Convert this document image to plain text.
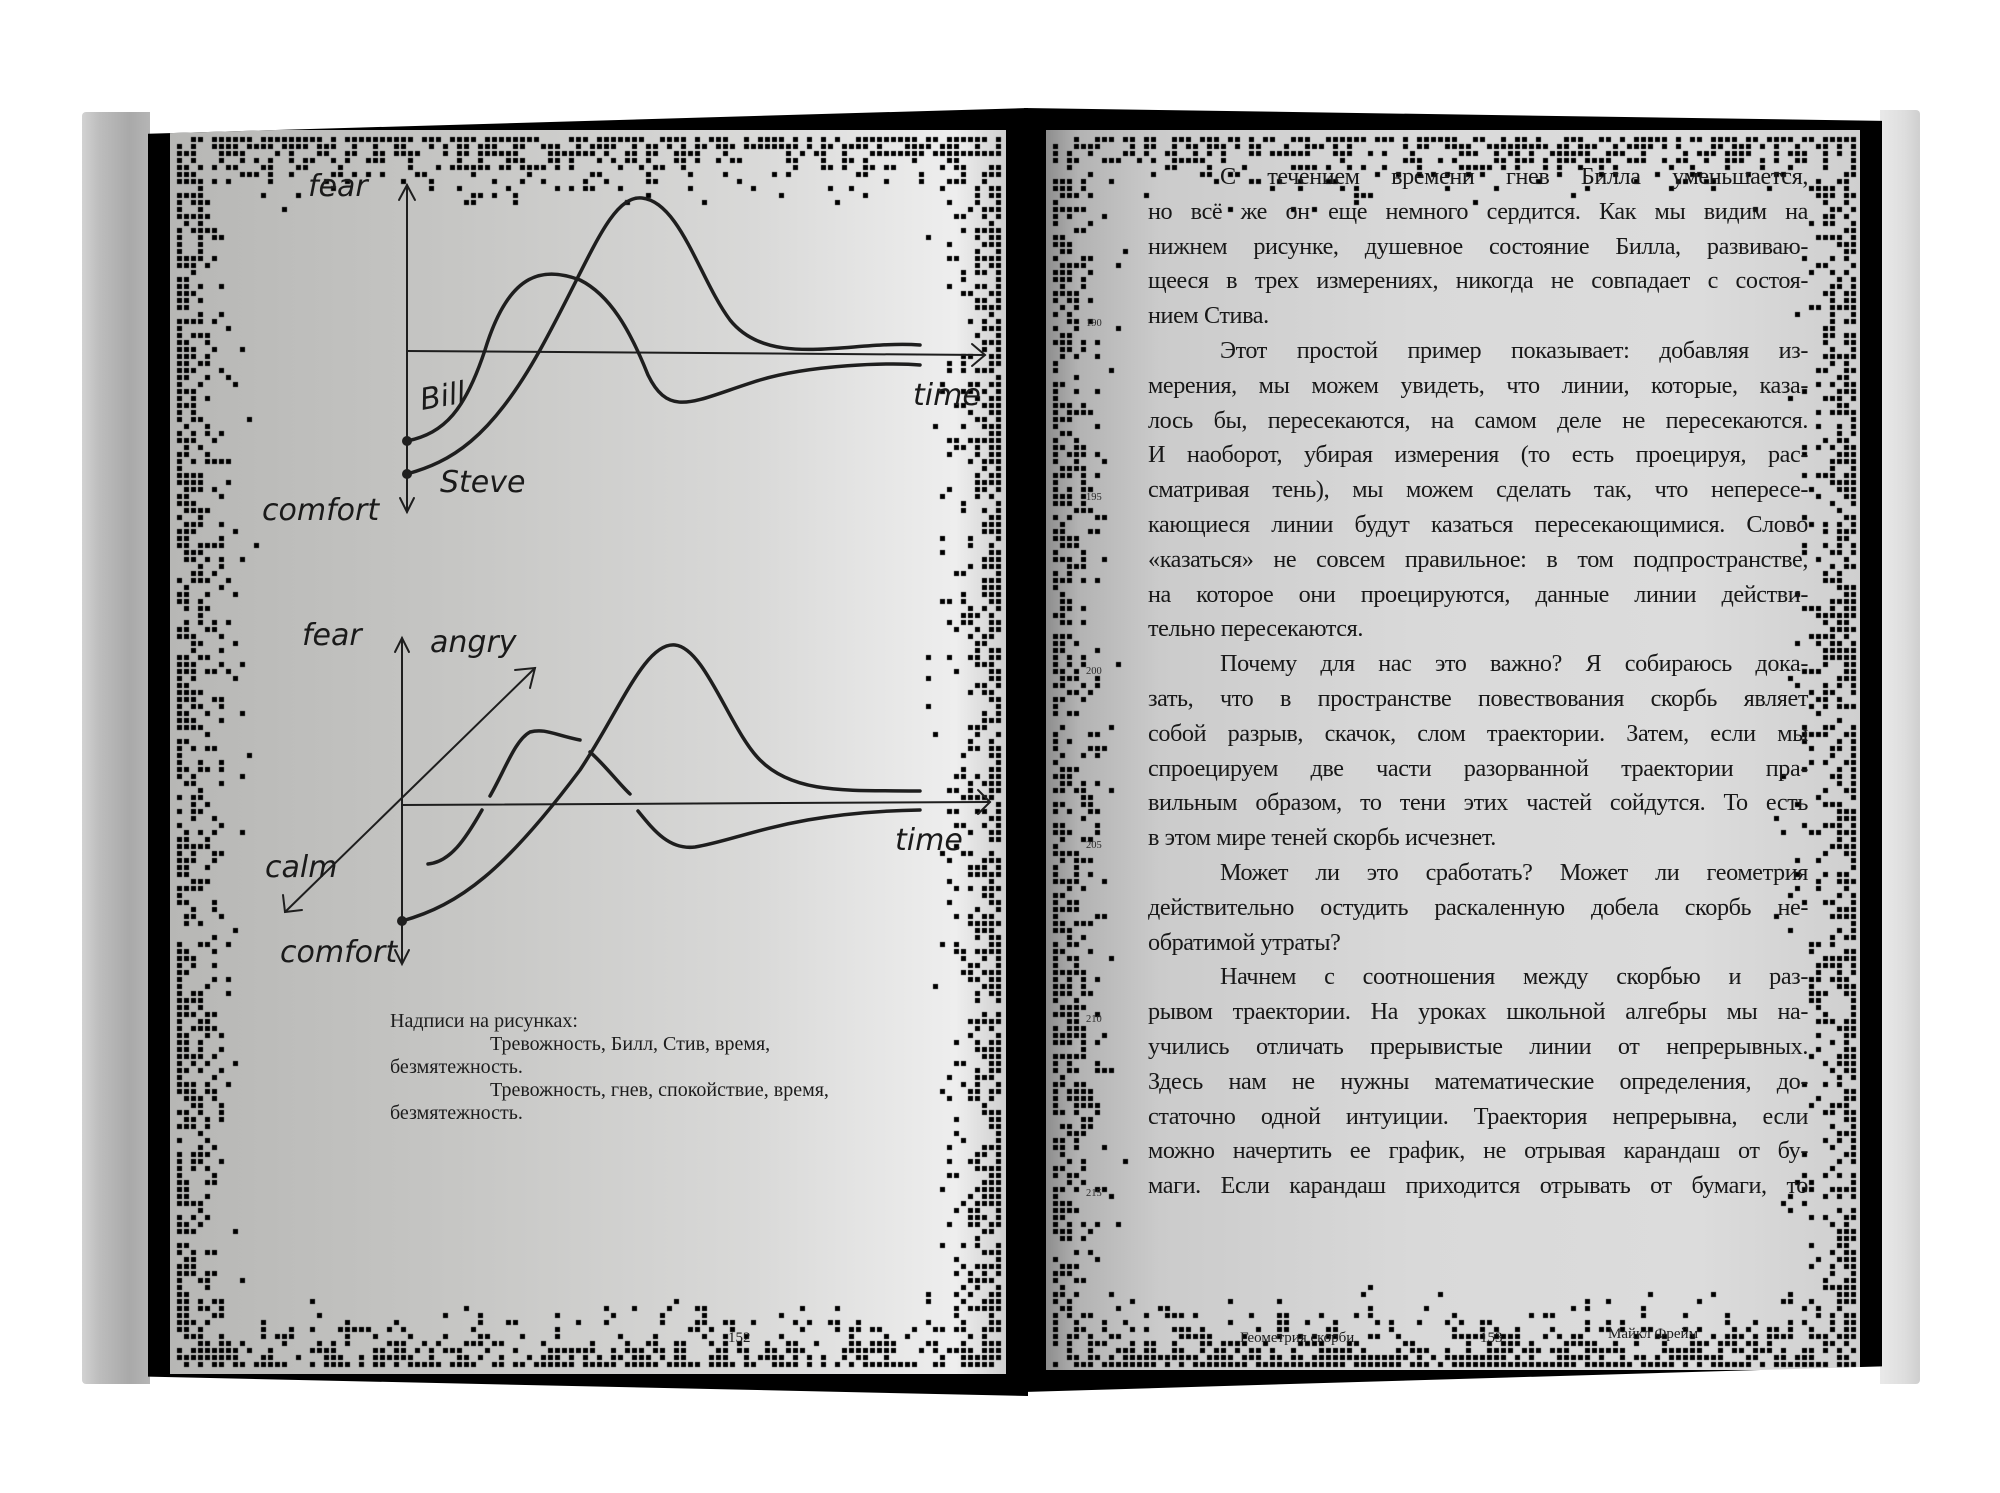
fear
comfort
time
Bill
Steve
fear
comfort
time
angry
calm
Надписи на рисунках:
Тревожность, Билл, Стив, время,
безмятежность.
Тревожность, гнев, спокойствие, время,
безмятежность.
152
С течением времени гнев Билла уменьшается,
но всё же он еще немного сердится. Как мы видим на
нижнем рисунке, душевное состояние Билла, развиваю-
щееся в трех измерениях, никогда не совпадает с состоя-
нием Стива.
Этот простой пример показывает: добавляя из-
мерения, мы можем увидеть, что линии, которые, каза-
лось бы, пересекаются, на самом деле не пересекаются.
И наоборот, убирая измерения (то есть проецируя, рас-
сматривая тень), мы можем сделать так, что непересе-
кающиеся линии будут казаться пересекающимися. Слово
«казаться» не совсем правильное: в том подпространстве,
на которое они проецируются, данные линии действи-
тельно пересекаются.
Почему для нас это важно? Я собираюсь дока-
зать, что в пространстве повествования скорбь являет
собой разрыв, скачок, слом траектории. Затем, если мы
спроецируем две части разорванной траектории пра-
вильным образом, то тени этих частей сойдутся. То есть
в этом мире теней скорбь исчезнет.
Может ли это сработать? Может ли геометрия
действительно остудить раскаленную добела скорбь не-
обратимой утраты?
Начнем с соотношения между скорбью и раз-
рывом траектории. На уроках школьной алгебры мы на-
учились отличать прерывистые линии от непрерывных.
Здесь нам не нужны математические определения, до-
статочно одной интуиции. Траектория непрерывна, если
можно начертить ее график, не отрывая карандаш от бу-
маги. Если карандаш приходится отрывать от бумаги, то
190
195
200
205
210
215
Геометрия скорби	153	Майкл Фрейм
